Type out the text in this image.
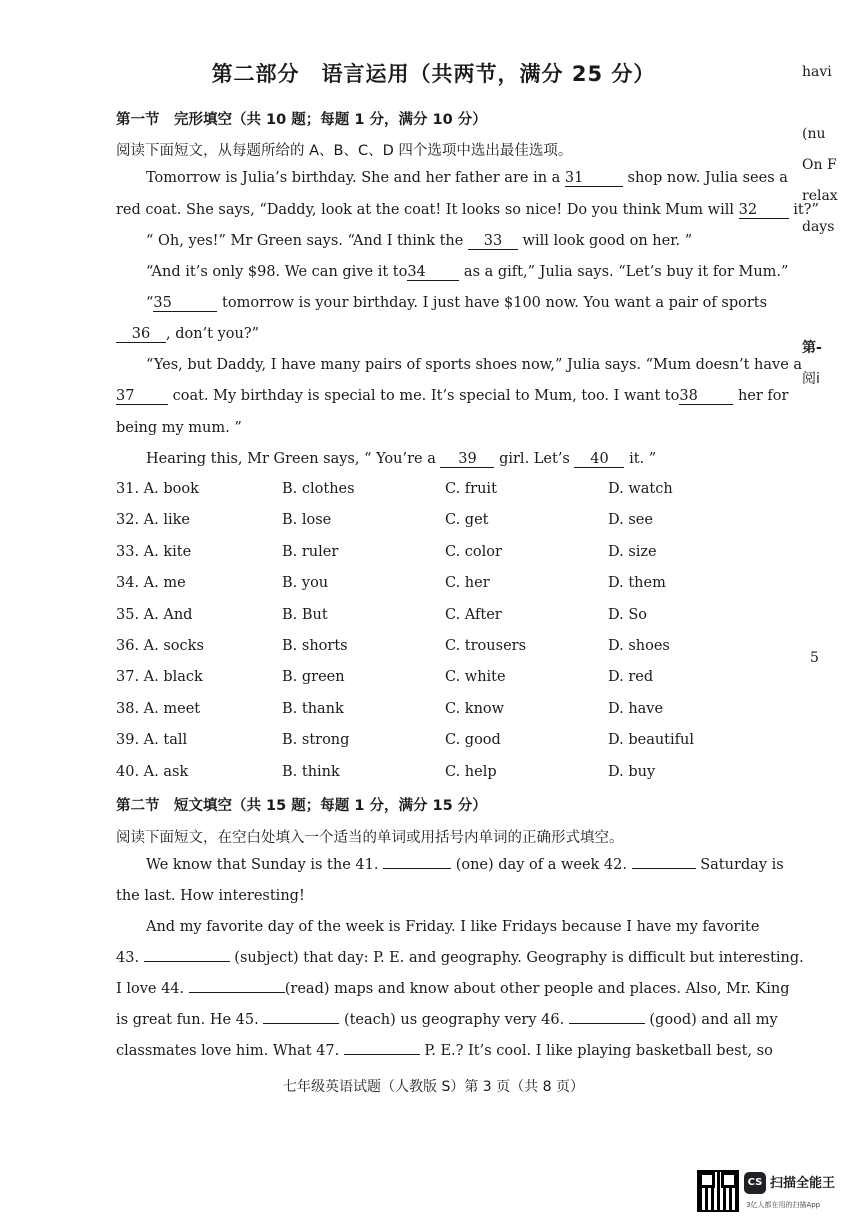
第二部分　语言运用（共两节，满分 25 分）
第一节　完形填空（共 10 题；每题 1 分，满分 10 分）
阅读下面短文，从每题所给的 A、B、C、D 四个选项中选出最佳选项。
Tomorrow is Julia’s birthday. She and her father are in a 31	shop now. Julia sees a
red coat. She says, “Daddy, look at the coat! It looks so nice! Do you think Mum will 32 it?”
“ Oh, yes!” Mr Green says. “And I think the 33 will look good on her. ”
“And it’s only $98. We can give it to34 as a gift,” Julia says. “Let’s buy it for Mum.”
“35	tomorrow is your birthday. I just have $100 now. You want a pair of sports
36 , don’t you?”
“Yes, but Daddy, I have many pairs of sports shoes now,” Julia says. “Mum doesn’t have a
37 coat. My birthday is special to me. It’s special to Mum, too. I want to38 her for
being my mum. ”
Hearing this, Mr Green says, “ You’re a 39 girl. Let’s 40 it. ”
31. A. book	B. clothes	C. fruit	D. watch
32. A. like	B. lose	C. get	D. see
33. A. kite	B. ruler	C. color	D. size
34. A. me	B. you	C. her	D. them
35. A. And	B. But	C. After	D. So
36. A. socks	B. shorts	C. trousers	D. shoes
37. A. black	B. green	C. white	D. red
38. A. meet	B. thank	C. know	D. have
39. A. tall	B. strong	C. good	D. beautiful
40. A. ask	B. think	C. help	D. buy
第二节　短文填空（共 15 题；每题 1 分，满分 15 分）
阅读下面短文，在空白处填入一个适当的单词或用括号内单词的正确形式填空。
We know that Sunday is the 41.	(one) day of a week 42.	Saturday is
the last. How interesting!
And my favorite day of the week is Friday. I like Fridays because I have my favorite
43.	(subject) that day: P. E. and geography. Geography is difficult but interesting.
I love 44.	(read) maps and know about other people and places. Also, Mr. King
is great fun. He 45.	(teach) us geography very 46.	(good) and all my
classmates love him. What 47.	P. E.? It’s cool. I like playing basketball best, so
七年级英语试题（人教版 S）第 3 页（共 8 页）
havi
(nu
On F
relax
days
第-
阅i
5
CS 扫描全能王
3亿人都在用的扫描App
